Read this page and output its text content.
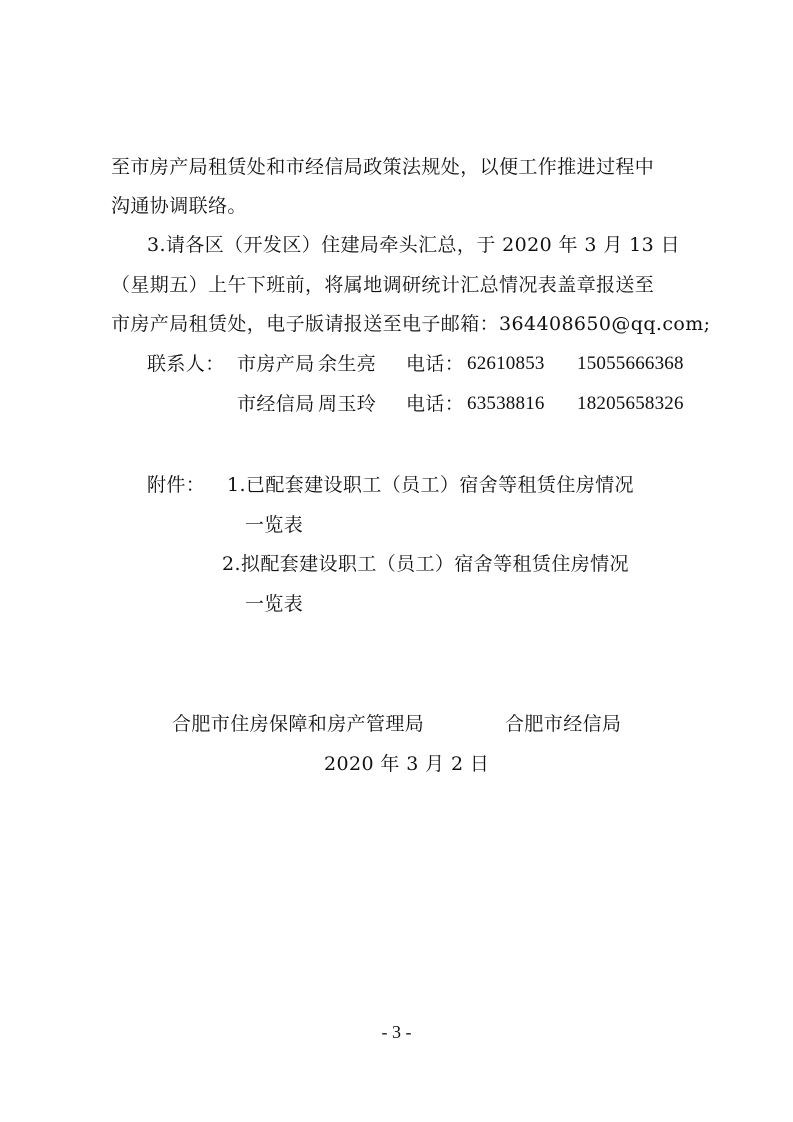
至市房产局租赁处和市经信局政策法规处，以便工作推进过程中
沟通协调联络。
3.请各区（开发区）住建局牵头汇总，于 2020 年 3 月 13 日
（星期五）上午下班前，将属地调研统计汇总情况表盖章报送至
市房产局租赁处，电子版请报送至电子邮箱：364408650@qq.com;
联系人： 市房产局 余生亮 电话： 62610853 15055666368
市经信局 周玉玲 电话： 63538816 18205658326
附件： 1.已配套建设职工（员工）宿舍等租赁住房情况
一览表
2.拟配套建设职工（员工）宿舍等租赁住房情况
一览表
合肥市住房保障和房产管理局	合肥市经信局
2020 年 3 月 2 日
- 3 -
